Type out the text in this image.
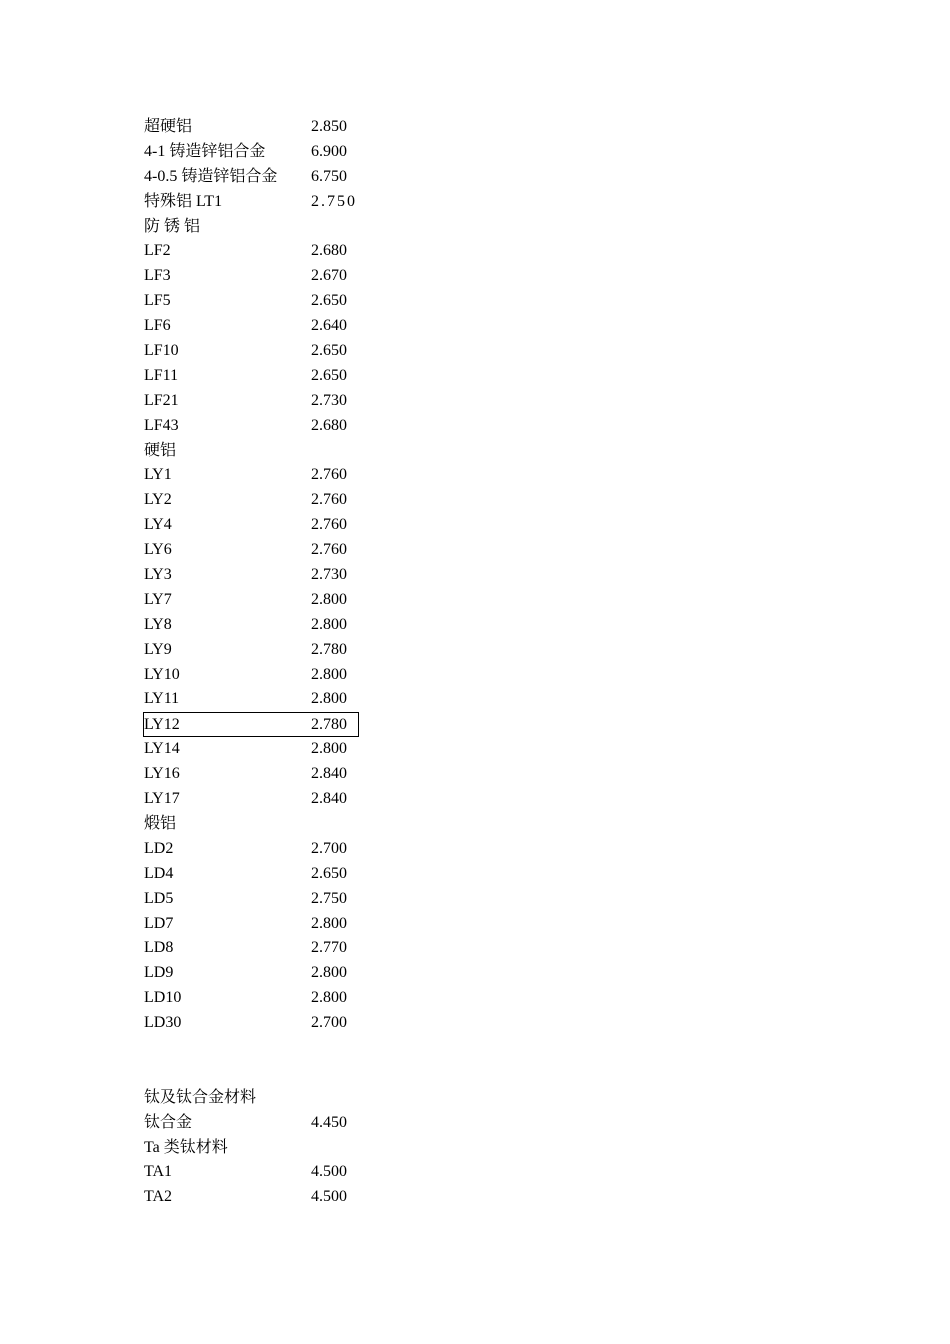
超硬铝	2.850
4-1 铸造锌铝合金	6.900
4-0.5 铸造锌铝合金 6.750
特殊铝 LT1	2.750
防 锈 铝
LF2	2.680
LF3	2.670
LF5	2.650
LF6	2.640
LF10	2.650
LF11	2.650
LF21	2.730
LF43	2.680
硬铝
LY1	2.760
LY2	2.760
LY4	2.760
LY6	2.760
LY3	2.730
LY7	2.800
LY8	2.800
LY9	2.780
LY10	2.800
LY11	2.800
LY12	2.780
LY14	2.800
LY16	2.840
LY17	2.840
煅铝
LD2	2.700
LD4	2.650
LD5	2.750
LD7	2.800
LD8	2.770
LD9	2.800
LD10	2.800
LD30	2.700
钛及钛合金材料
钛合金	4.450
Ta 类钛材料
TA1	4.500
TA2	4.500
